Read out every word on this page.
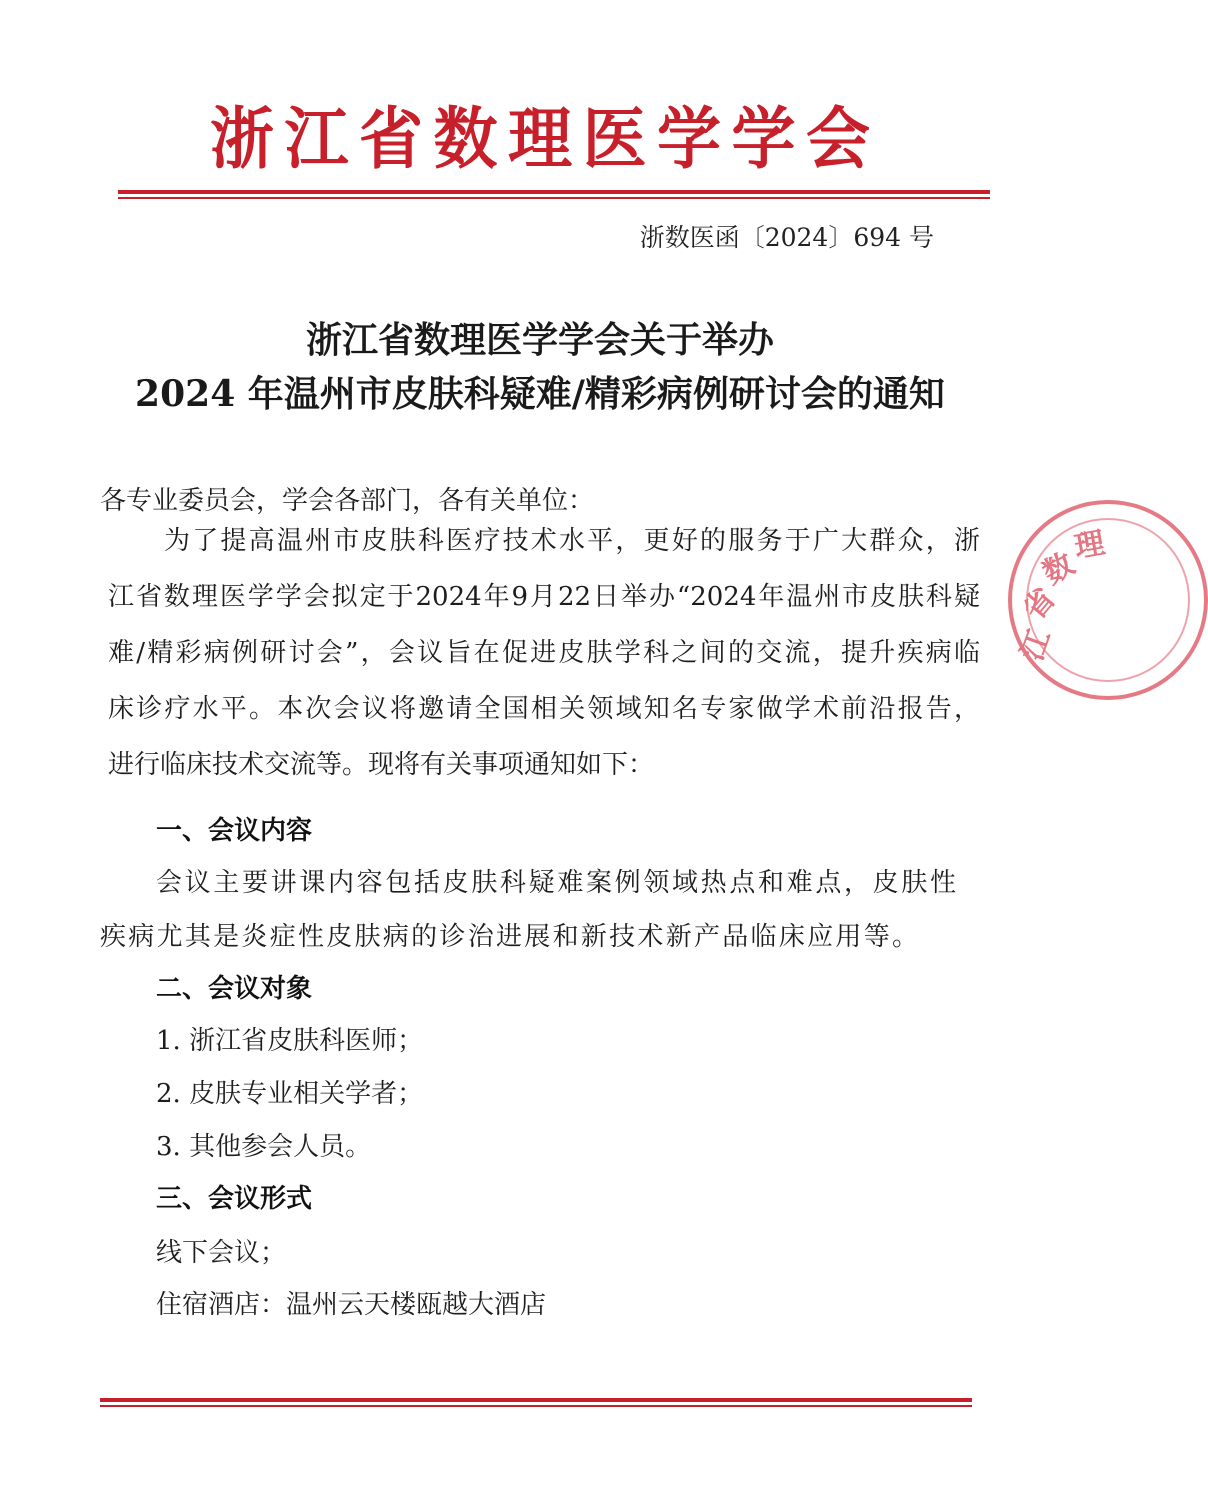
浙 江 省 数 理 医 学 学 会
浙数医函〔2024〕694 号
浙江省数理医学学会关于举办
2024 年温州市皮肤科疑难/精彩病例研讨会的通知
各专业委员会，学会各部门，各有关单位：
为了提高温州市皮肤科医疗技术水平，更好的服务于广大群众，浙
江省数理医学学会拟定于2024年9月22日举办“2024年温州市皮肤科疑
难/精彩病例研讨会”，会议旨在促进皮肤学科之间的交流，提升疾病临
床诊疗水平。本次会议将邀请全国相关领域知名专家做学术前沿报告，
进行临床技术交流等。现将有关事项通知如下：
一、会议内容
会议主要讲课内容包括皮肤科疑难案例领域热点和难点，皮肤性
疾病尤其是炎症性皮肤病的诊治进展和新技术新产品临床应用等。
二、会议对象
1. 浙江省皮肤科医师；
2. 皮肤专业相关学者；
3. 其他参会人员。
三、会议形式
线下会议；
住宿酒店：温州云天楼瓯越大酒店
江
省
数
理
